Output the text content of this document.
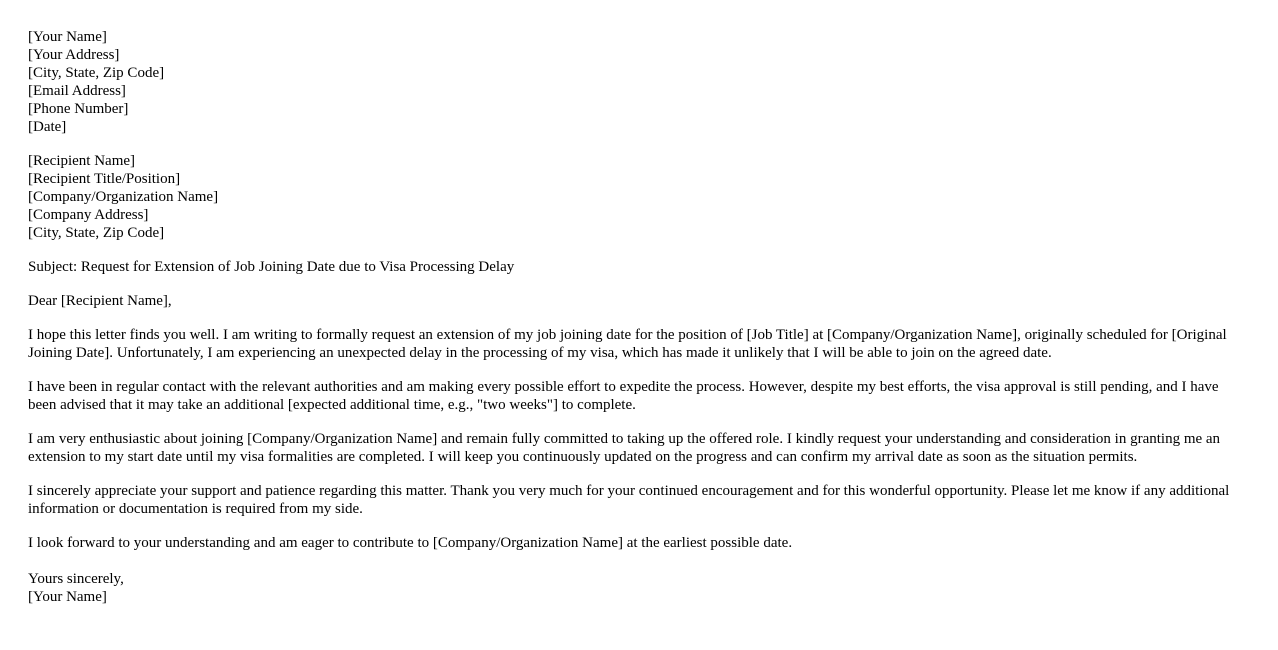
[Your Name]
[Your Address]
[City, State, Zip Code]
[Email Address]
[Phone Number]
[Date]
[Recipient Name]
[Recipient Title/Position]
[Company/Organization Name]
[Company Address]
[City, State, Zip Code]

Subject: Request for Extension of Job Joining Date due to Visa Processing Delay

Dear [Recipient Name],

I hope this letter finds you well. I am writing to formally request an extension of my job joining date for the position of [Job Title] at [Company/Organization Name], originally scheduled for [Original Joining Date]. Unfortunately, I am experiencing an unexpected delay in the processing of my visa, which has made it unlikely that I will be able to join on the agreed date.

I have been in regular contact with the relevant authorities and am making every possible effort to expedite the process. However, despite my best efforts, the visa approval is still pending, and I have been advised that it may take an additional [expected additional time, e.g., "two weeks"] to complete.

I am very enthusiastic about joining [Company/Organization Name] and remain fully committed to taking up the offered role. I kindly request your understanding and consideration in granting me an extension to my start date until my visa formalities are completed. I will keep you continuously updated on the progress and can confirm my arrival date as soon as the situation permits.

I sincerely appreciate your support and patience regarding this matter. Thank you very much for your continued encouragement and for this wonderful opportunity. Please let me know if any additional information or documentation is required from my side.

I look forward to your understanding and am eager to contribute to [Company/Organization Name] at the earliest possible date.

Yours sincerely,
[Your Name]
